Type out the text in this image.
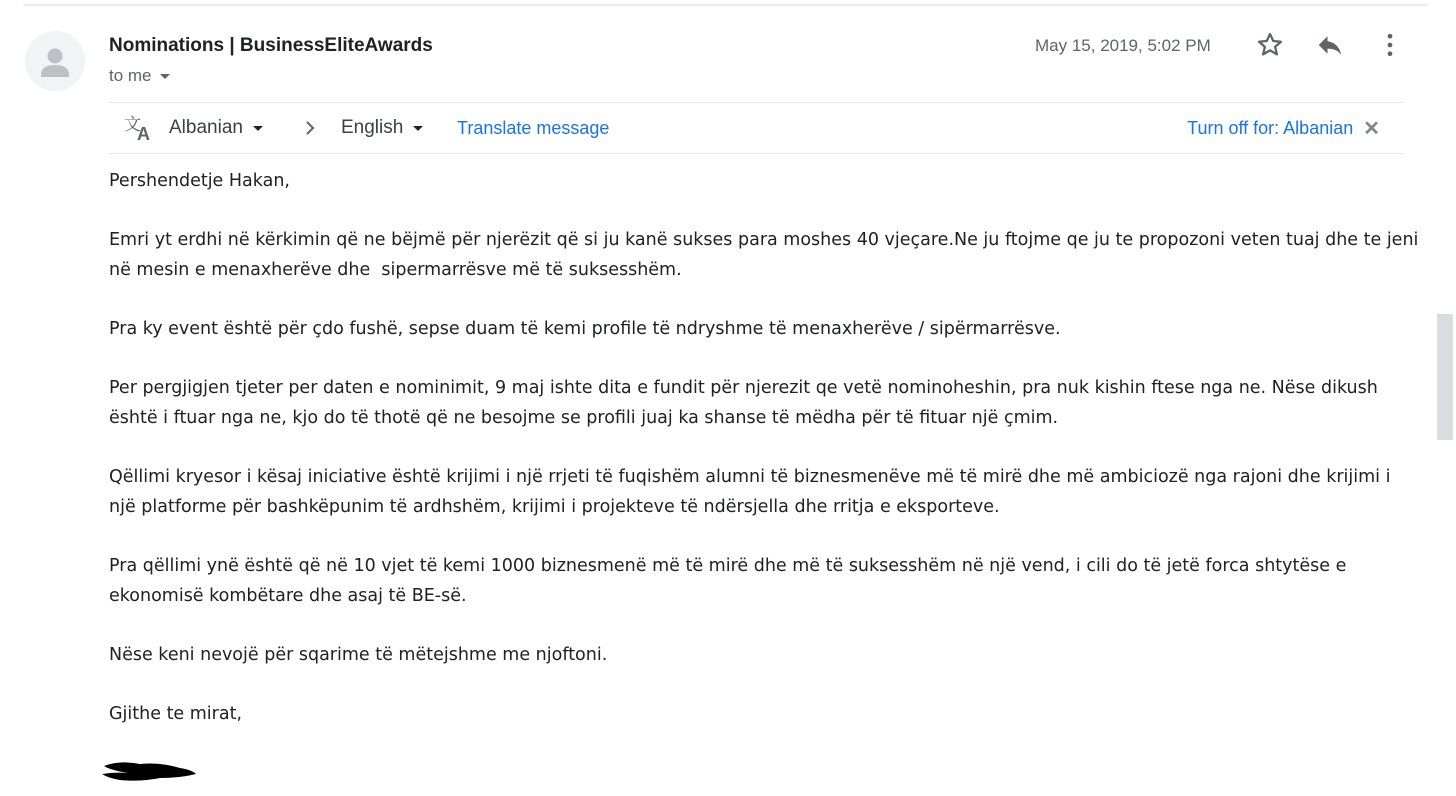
Nominations | BusinessEliteAwards
to me
May 15, 2019, 5:02 PM
文
A Albanian	English	Translate message	Turn off for: Albanian ✕

Pershendetje Hakan,

Emri yt erdhi në kërkimin që ne bëjmë për njerëzit që si ju kanë sukses para moshes 40 vjeçare.Ne ju ftojme qe ju te propozoni veten tuaj dhe te jeni në mesin e menaxherëve dhe  sipermarrësve më të suksesshëm.

Pra ky event është për çdo fushë, sepse duam të kemi profile të ndryshme të menaxherëve / sipërmarrësve.

Per pergjigjen tjeter per daten e nominimit, 9 maj ishte dita e fundit për njerezit qe vetë nominoheshin, pra nuk kishin ftese nga ne. Nëse dikush është i ftuar nga ne, kjo do të thotë që ne besojme se profili juaj ka shanse të mëdha për të fituar një çmim.

Qëllimi kryesor i kësaj iniciative është krijimi i një rrjeti të fuqishëm alumni të biznesmenëve më të mirë dhe më ambiciozë nga rajoni dhe krijimi i një platforme për bashkëpunim të ardhshëm, krijimi i projekteve të ndërsjella dhe rritja e eksporteve.

Pra qëllimi ynë është që në 10 vjet të kemi 1000 biznesmenë më të mirë dhe më të suksesshëm në një vend, i cili do të jetë forca shtytëse e ekonomisë kombëtare dhe asaj të BE-së.

Nëse keni nevojë për sqarime të mëtejshme me njoftoni.

Gjithe te mirat,
